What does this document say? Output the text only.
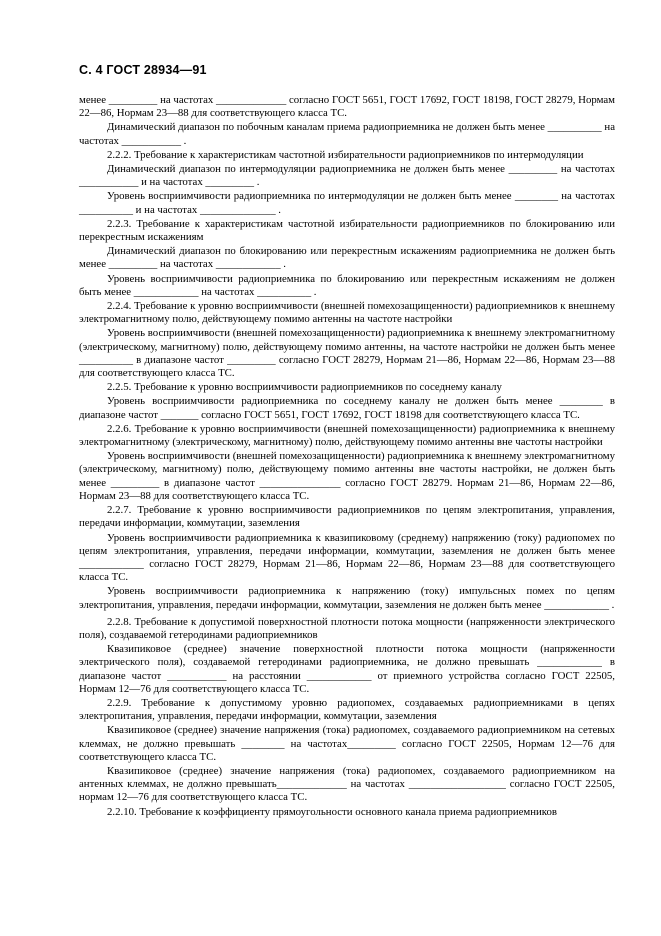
С. 4 ГОСТ 28934—91

менее _________ на частотах _____________ согласно ГОСТ 5651, ГОСТ 17692, ГОСТ 18198, ГОСТ 28279, Нормам 22—86, Нормам 23—88 для соответствующего класса ТС.

Динамический диапазон по побочным каналам приема радиоприемника не должен быть менее __________ на частотах ___________ .

2.2.2. Требование к характеристикам частотной избирательности радиоприемников по интермодуляции

Динамический диапазон по интермодуляции радиоприемника не должен быть менее _________ на частотах ___________ и на частотах _________ .

Уровень восприимчивости радиоприемника по интермодуляции не должен быть менее ________ на частотах __________ и на частотах ______________ .

2.2.3. Требование к характеристикам частотной избирательности радиоприемников по блокированию или перекрестным искажениям

Динамический диапазон по блокированию или перекрестным искажениям радиоприемника не должен быть менее _________ на частотах ____________ .

Уровень восприимчивости радиоприемника по блокированию или перекрестным искажениям не должен быть менее ____________ на частотах __________ .

2.2.4. Требование к уровню восприимчивости (внешней помехозащищенности) радиоприемников к внешнему электромагнитному полю, действующему помимо антенны на частоте настройки

Уровень восприимчивости (внешней помехозащищенности) радиоприемника к внешнему электромагнитному (электрическому, магнитному) полю, действующему помимо антенны, на частоте настройки не должен быть менее __________ в диапазоне частот _________ согласно ГОСТ 28279, Нормам 21—86, Нормам 22—86, Нормам 23—88 для соответствующего класса ТС.

2.2.5. Требование к уровню восприимчивости радиоприемников по соседнему каналу

Уровень восприимчивости радиоприемника по соседнему каналу не должен быть менее ________ в диапазоне частот _______ согласно ГОСТ 5651, ГОСТ 17692, ГОСТ 18198 для соответствующего класса ТС.

2.2.6. Требование к уровню восприимчивости (внешней помехозащищенности) радиоприемника к внешнему электромагнитному (электрическому, магнитному) полю, действующему помимо антенны вне частоты настройки

Уровень восприимчивости (внешней помехозащищенности) радиоприемника к внешнему электромагнитному (электрическому, магнитному) полю, действующему помимо антенны вне частоты настройки, не должен быть менее _________ в диапазоне частот _______________ согласно ГОСТ 28279. Нормам 21—86, Нормам 22—86, Нормам 23—88 для соответствующего класса ТС.

2.2.7. Требование к уровню восприимчивости радиоприемников по цепям электропитания, управления, передачи информации, коммутации, заземления

Уровень восприимчивости радиоприемника к квазипиковому (среднему) напряжению (току) радиопомех по цепям электропитания, управления, передачи информации, коммутации, заземления не должен быть менее ____________ согласно ГОСТ 28279, Нормам 21—86, Нормам 22—86, Нормам 23—88 для соответствующего класса ТС.

Уровень восприимчивости радиоприемника к напряжению (току) импульсных помех по цепям электропитания, управления, передачи информации, коммутации, заземления не должен быть менее ____________ .

2.2.8. Требование к допустимой поверхностной плотности потока мощности (напряженности электрического поля), создаваемой гетеродинами радиоприемников

Квазипиковое (среднее) значение поверхностной плотности потока мощности (напряженности электрического поля), создаваемой гетеродинами радиоприемника, не должно превышать ____________ в диапазоне частот ___________ на расстоянии ____________ от приемного устройства согласно ГОСТ 22505, Нормам 12—76 для соответствующего класса ТС.

2.2.9. Требование к допустимому уровню радиопомех, создаваемых радиоприемниками в цепях электропитания, управления, передачи информации, коммутации, заземления

Квазипиковое (среднее) значение напряжения (тока) радиопомех, создаваемого радиоприемником на сетевых клеммах, не должно превышать ________ на частотах_________ согласно ГОСТ 22505, Нормам 12—76 для соответствующего класса ТС.

Квазипиковое (среднее) значение напряжения (тока) радиопомех, создаваемого радиоприемником на антенных клеммах, не должно превышать_____________ на частотах __________________ согласно ГОСТ 22505, нормам 12—76 для соответствующего класса ТС.

2.2.10. Требование к коэффициенту прямоугольности основного канала приема радиоприемников
